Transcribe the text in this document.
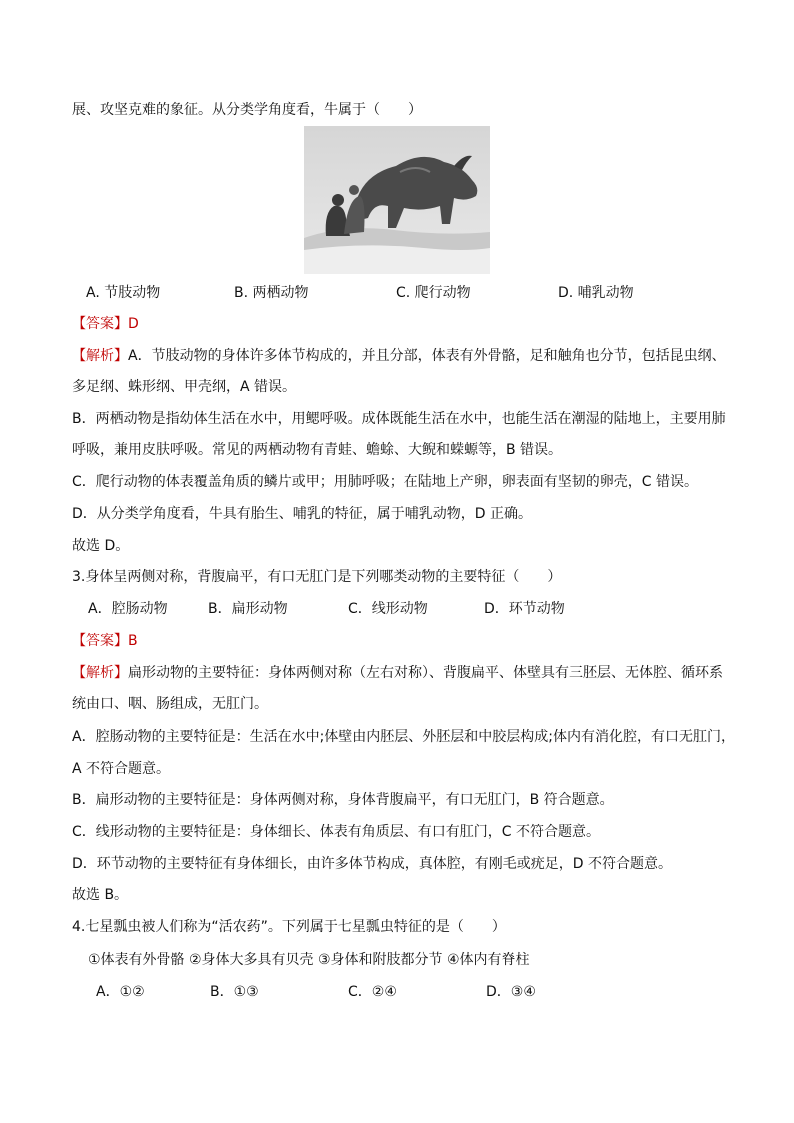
展、攻坚克难的象征。从分类学角度看，牛属于（　　）
A. 节肢动物	B. 两栖动物	C. 爬行动物	D. 哺乳动物
【答案】D
【解析】A．节肢动物的身体许多体节构成的，并且分部，体表有外骨骼，足和触角也分节，包括昆虫纲、
多足纲、蛛形纲、甲壳纲，A 错误。
B．两栖动物是指幼体生活在水中，用鳃呼吸。成体既能生活在水中，也能生活在潮湿的陆地上，主要用肺
呼吸，兼用皮肤呼吸。常见的两栖动物有青蛙、蟾蜍、大鲵和蝾螈等，B 错误。
C．爬行动物的体表覆盖角质的鳞片或甲；用肺呼吸；在陆地上产卵，卵表面有坚韧的卵壳，C 错误。
D．从分类学角度看，牛具有胎生、哺乳的特征，属于哺乳动物，D 正确。
故选 D。
3.身体呈两侧对称，背腹扁平，有口无肛门是下列哪类动物的主要特征（　　）
A．腔肠动物	B．扁形动物	C．线形动物	D．环节动物
【答案】B
【解析】扁形动物的主要特征：身体两侧对称（左右对称）、背腹扁平、体壁具有三胚层、无体腔、循环系
统由口、咽、肠组成，无肛门。
A．腔肠动物的主要特征是：生活在水中;体壁由内胚层、外胚层和中胶层构成;体内有消化腔，有口无肛门，
A 不符合题意。
B．扁形动物的主要特征是：身体两侧对称，身体背腹扁平，有口无肛门，B 符合题意。
C．线形动物的主要特征是：身体细长、体表有角质层、有口有肛门，C 不符合题意。
D．环节动物的主要特征有身体细长，由许多体节构成，真体腔，有刚毛或疣足，D 不符合题意。
故选 B。
4.七星瓢虫被人们称为“活农药”。下列属于七星瓢虫特征的是（　　）
①体表有外骨骼 ②身体大多具有贝壳 ③身体和附肢都分节 ④体内有脊柱
A．①②	B．①③	C．②④	D．③④
